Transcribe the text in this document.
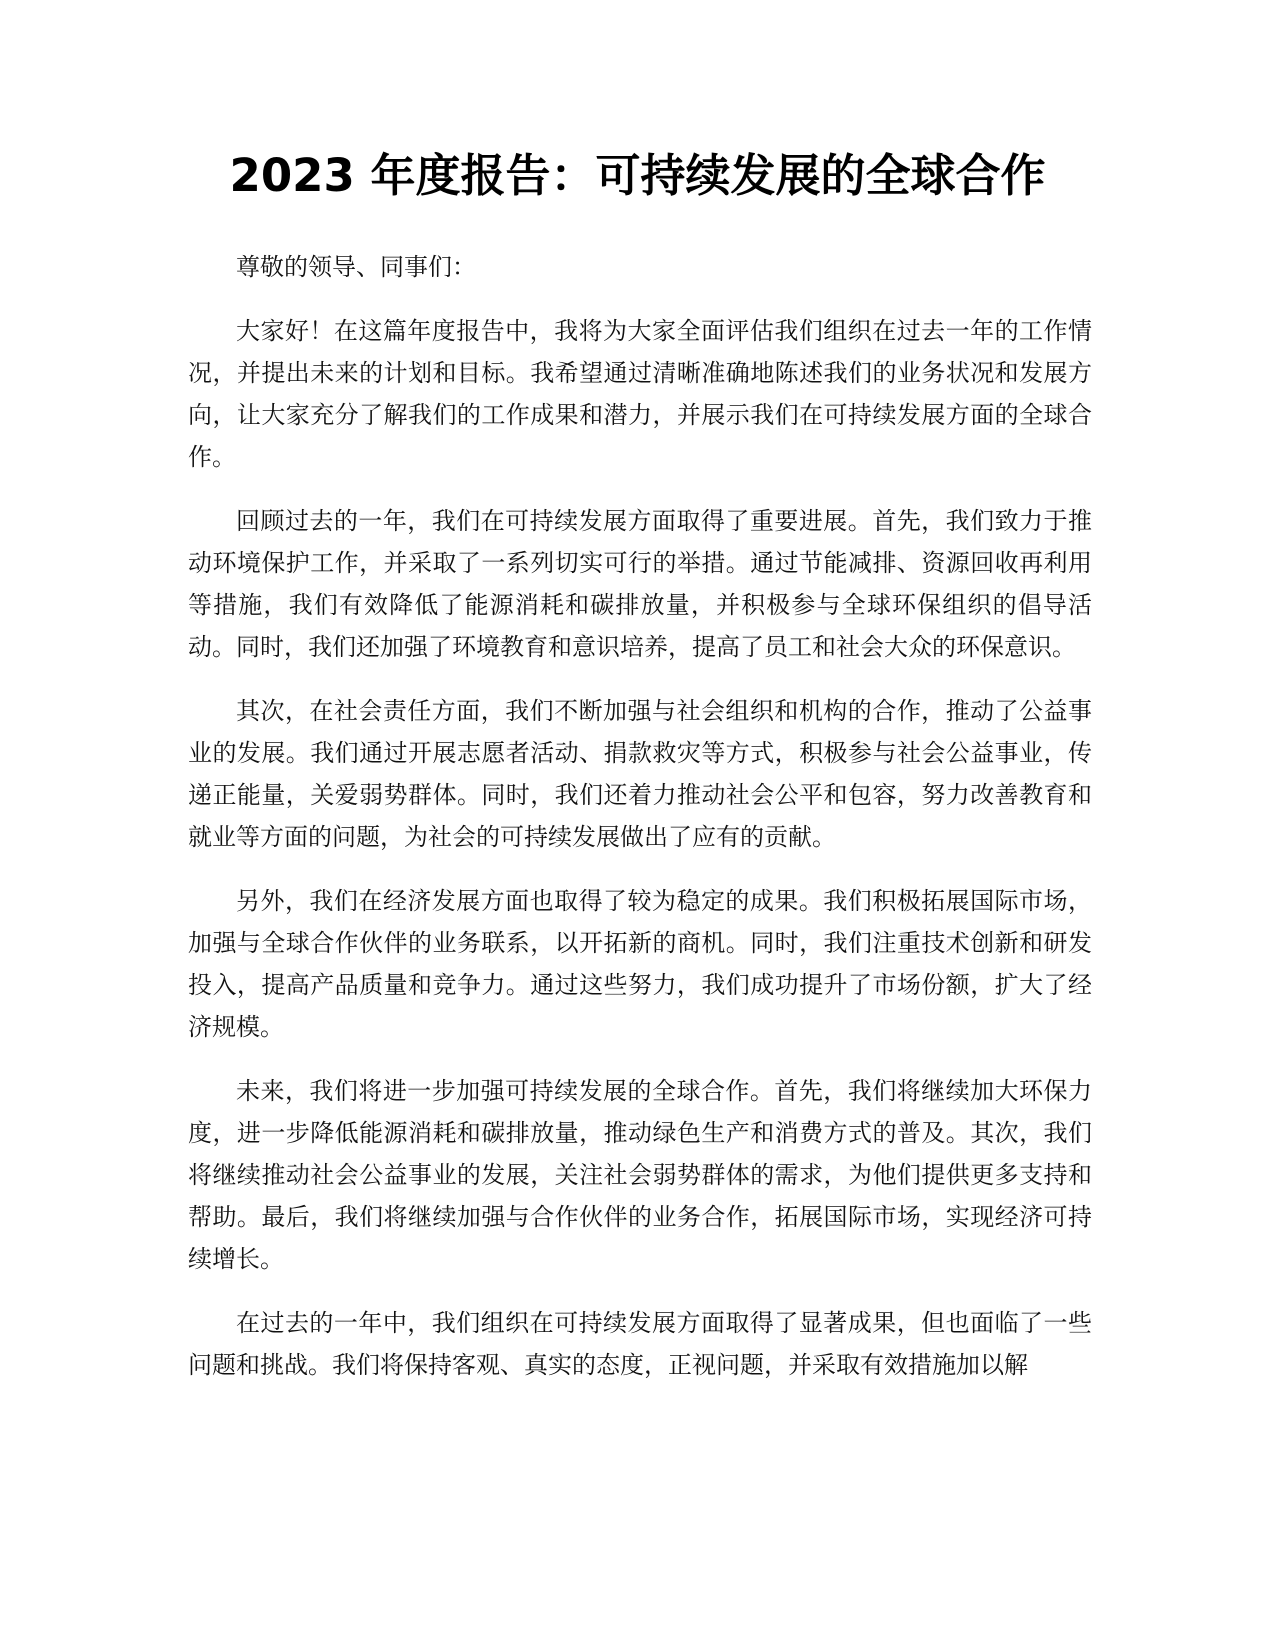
2023 年度报告：可持续发展的全球合作

尊敬的领导、同事们：

大家好！在这篇年度报告中，我将为大家全面评估我们组织在过去一年的工作情况，并提出未来的计划和目标。我希望通过清晰准确地陈述我们的业务状况和发展方向，让大家充分了解我们的工作成果和潜力，并展示我们在可持续发展方面的全球合作。

回顾过去的一年，我们在可持续发展方面取得了重要进展。首先，我们致力于推动环境保护工作，并采取了一系列切实可行的举措。通过节能减排、资源回收再利用等措施，我们有效降低了能源消耗和碳排放量，并积极参与全球环保组织的倡导活动。同时，我们还加强了环境教育和意识培养，提高了员工和社会大众的环保意识。

其次，在社会责任方面，我们不断加强与社会组织和机构的合作，推动了公益事业的发展。我们通过开展志愿者活动、捐款救灾等方式，积极参与社会公益事业，传递正能量，关爱弱势群体。同时，我们还着力推动社会公平和包容，努力改善教育和就业等方面的问题，为社会的可持续发展做出了应有的贡献。

另外，我们在经济发展方面也取得了较为稳定的成果。我们积极拓展国际市场，加强与全球合作伙伴的业务联系，以开拓新的商机。同时，我们注重技术创新和研发投入，提高产品质量和竞争力。通过这些努力，我们成功提升了市场份额，扩大了经济规模。

未来，我们将进一步加强可持续发展的全球合作。首先，我们将继续加大环保力度，进一步降低能源消耗和碳排放量，推动绿色生产和消费方式的普及。其次，我们将继续推动社会公益事业的发展，关注社会弱势群体的需求，为他们提供更多支持和帮助。最后，我们将继续加强与合作伙伴的业务合作，拓展国际市场，实现经济可持续增长。

在过去的一年中，我们组织在可持续发展方面取得了显著成果，但也面临了一些问题和挑战。我们将保持客观、真实的态度，正视问题，并采取有效措施加以解
